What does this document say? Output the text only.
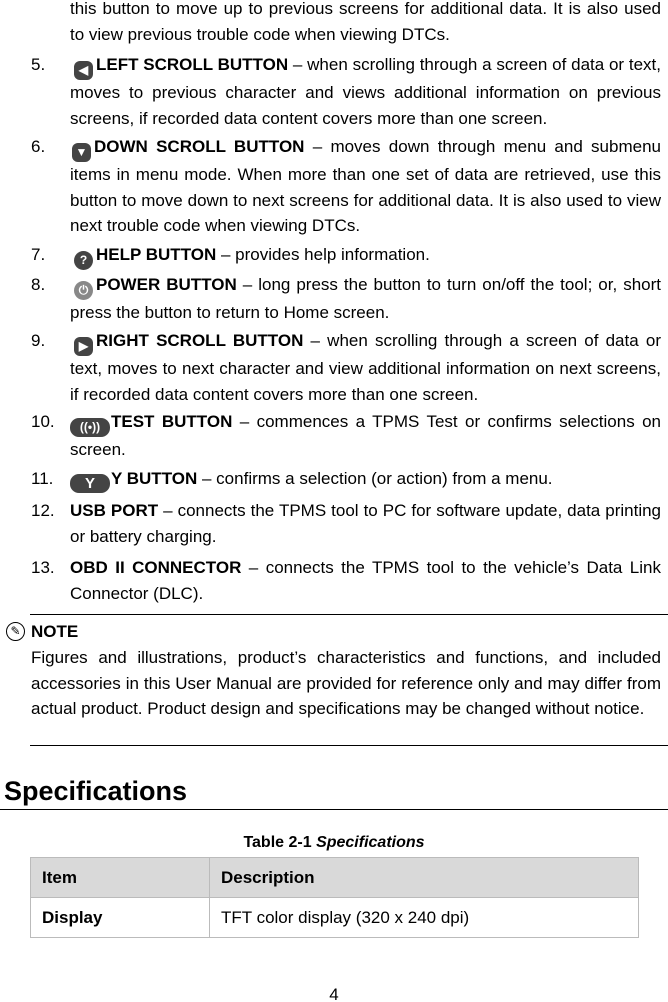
this button to move up to previous screens for additional data. It is also used to view previous trouble code when viewing DTCs.
5.	◀ LEFT SCROLL BUTTON – when scrolling through a screen of data or text, moves to previous character and views additional information on previous screens, if recorded data content covers more than one screen.
6.	▼ DOWN SCROLL BUTTON – moves down through menu and submenu items in menu mode. When more than one set of data are retrieved, use this button to move down to next screens for additional data. It is also used to view next trouble code when viewing DTCs.
7.	? HELP BUTTON – provides help information.
8.	⏻ POWER BUTTON – long press the button to turn on/off the tool; or, short press the button to return to Home screen.
9.	▶ RIGHT SCROLL BUTTON – when scrolling through a screen of data or text, moves to next character and view additional information on next screens, if recorded data content covers more than one screen.
10.	((•)) TEST BUTTON – commences a TPMS Test or confirms selections on screen.
11.	Y Y BUTTON – confirms a selection (or action) from a menu.
12. USB PORT – connects the TPMS tool to PC for software update, data printing or battery charging.
13. OBD II CONNECTOR – connects the TPMS tool to the vehicle’s Data Link Connector (DLC).
✎ NOTE
Figures and illustrations, product’s characteristics and functions, and included accessories in this User Manual are provided for reference only and may differ from actual product. Product design and specifications may be changed without notice.
Specifications
Table 2-1 Specifications
Item	Description
Display	TFT color display (320 x 240 dpi)
4
